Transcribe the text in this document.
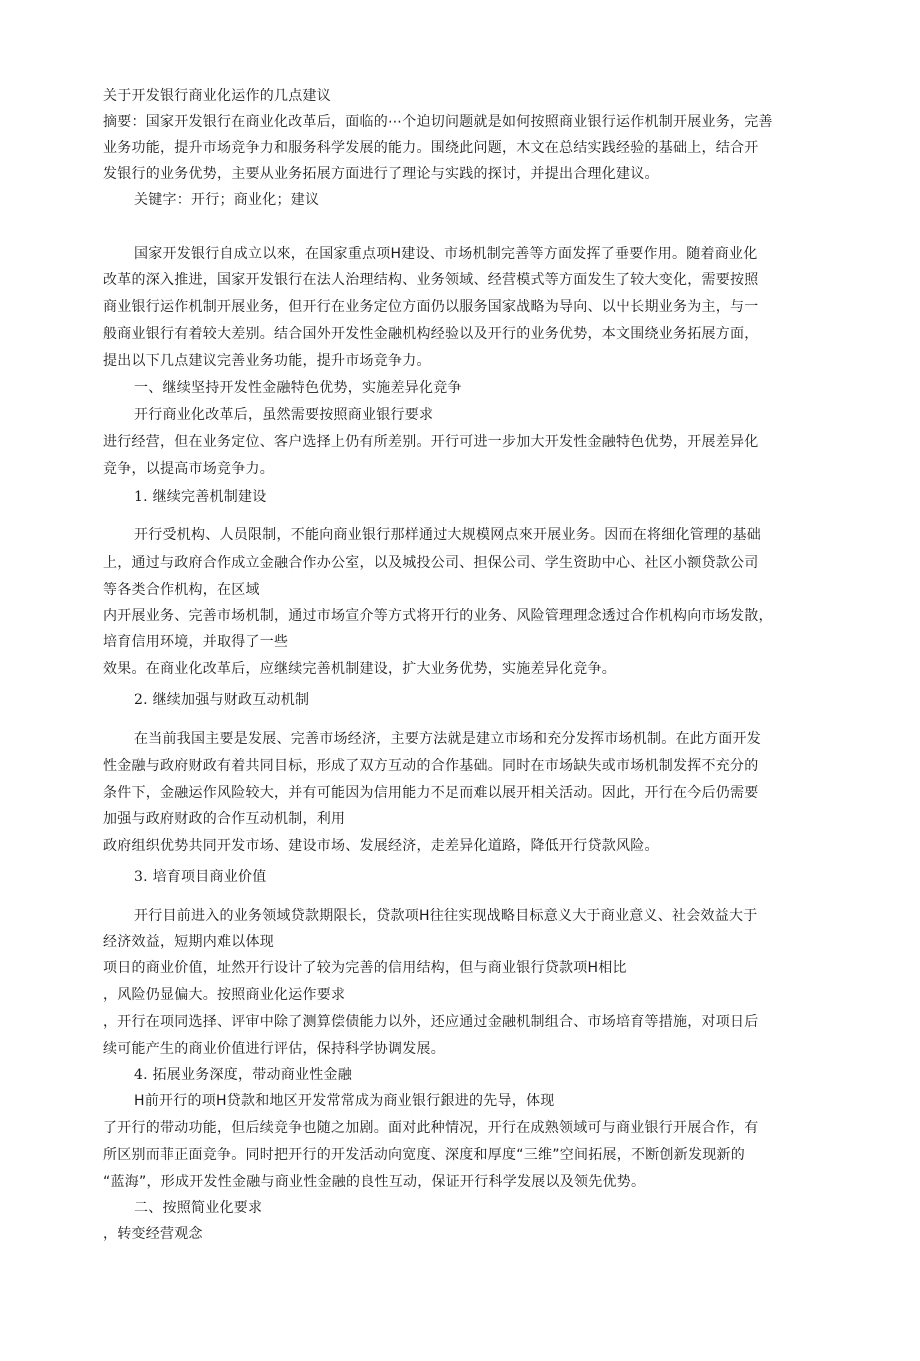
关于开发银行商业化运作的几点建议
摘要：国家开发银行在商业化改革后，面临的⋯个迫切问题就是如何按照商业银行运作机制开展业务，完善
业务功能，提升市场竞争力和服务科学发展的能力。围绕此问题，木文在总结实践经验的基础上，结合开
发银行的业务优势，主要从业务拓展方面进行了理论与实践的探讨，并提出合理化建议。
关键字：开行；商业化；建议
国家开发银行自成立以來，在国家重点项H建设、市场机制完善等方面发挥了垂要作用。随着商业化
改革的深入推进，国家开发银行在法人治理结构、业务领域、经营模式等方面发生了较大变化，需要按照
商业银行运作机制开展业务，但开行在业务定位方面仍以服务国家战略为导向、以屮长期业务为主，与一
般商业银行有着较大差别。结合国外开发性金融机构经验以及开行的业务优势，本文围绕业务拓展方面，
提出以下几点建议完善业务功能，提升市场竞争力。
一、继续坚持开发性金融特色优势，实施差异化竞争
开行商业化改革后，虽然需要按照商业银行要求
进行经营，但在业务定位、客户选择上仍有所差别。开行可进一步加大开发性金融特色优势，开展差异化
竞争，以提高市场竞争力。
1. 继续完善机制建设
开行受机构、人员限制，不能向商业银行那样通过大规模网点來开展业务。因而在将细化管理的基础
上，通过与政府合作成立金融合作办公室，以及城投公司、担保公司、学生资助中心、社区小额贷款公司
等各类合作机构，在区域
内开展业务、完善市场机制，通过市场宣介等方式将开行的业务、风险管理理念透过合作机构向市场发散，
培育信用环境，并取得了一些
效果。在商业化改革后，应继续完善机制建设，扩大业务优势，实施差异化竞争。
2. 继续加强与财政互动机制
在当前我国主要是发展、完善市场经济，主要方法就是建立市场和充分发挥市场机制。在此方面开发
性金融与政府财政有着共同目标，形成了双方互动的合作基础。同时在市场缺失或市场机制发挥不充分的
条件下，金融运作风险较大，并有可能因为信用能力不足而难以展开相关活动。因此，开行在今后仍需要
加强与政府财政的合作互动机制，利用
政府组织优势共同开发市场、建设市场、发展经济，走差异化道路，降低开行贷款风险。
3. 培育项目商业价值
开行目前进入的业务领域贷款期限长，贷款项H往往实现战略目标意义大于商业意义、社会效益大于
经济效益，短期内难以体现
项日的商业价值，址然开行设计了较为完善的信用结构，但与商业银行贷款项H相比
，风险仍显偏大。按照商业化运作要求
，开行在项同选择、评审中除了测算偿债能力以外，还应通过金融机制组合、市场培育等措施，对项日后
续可能产生的商业价值进行评估，保持科学协调发展。
4. 拓展业务深度，带动商业性金融
H前开行的项H贷款和地区开发常常成为商业银行銀进的先导，体现
了开行的带动功能，但后续竞争也随之加剧。面对此种情况，开行在成熟领域可与商业银行开展合作，有
所区别而菲正面竞争。同时把开行的开发活动向宽度、深度和厚度“三维”空间拓展，不断创新发现新的
“蓝海”，形成开发性金融与商业性金融的良性互动，保证开行科学发展以及领先优势。
二、按照简业化要求
，转变经营观念
